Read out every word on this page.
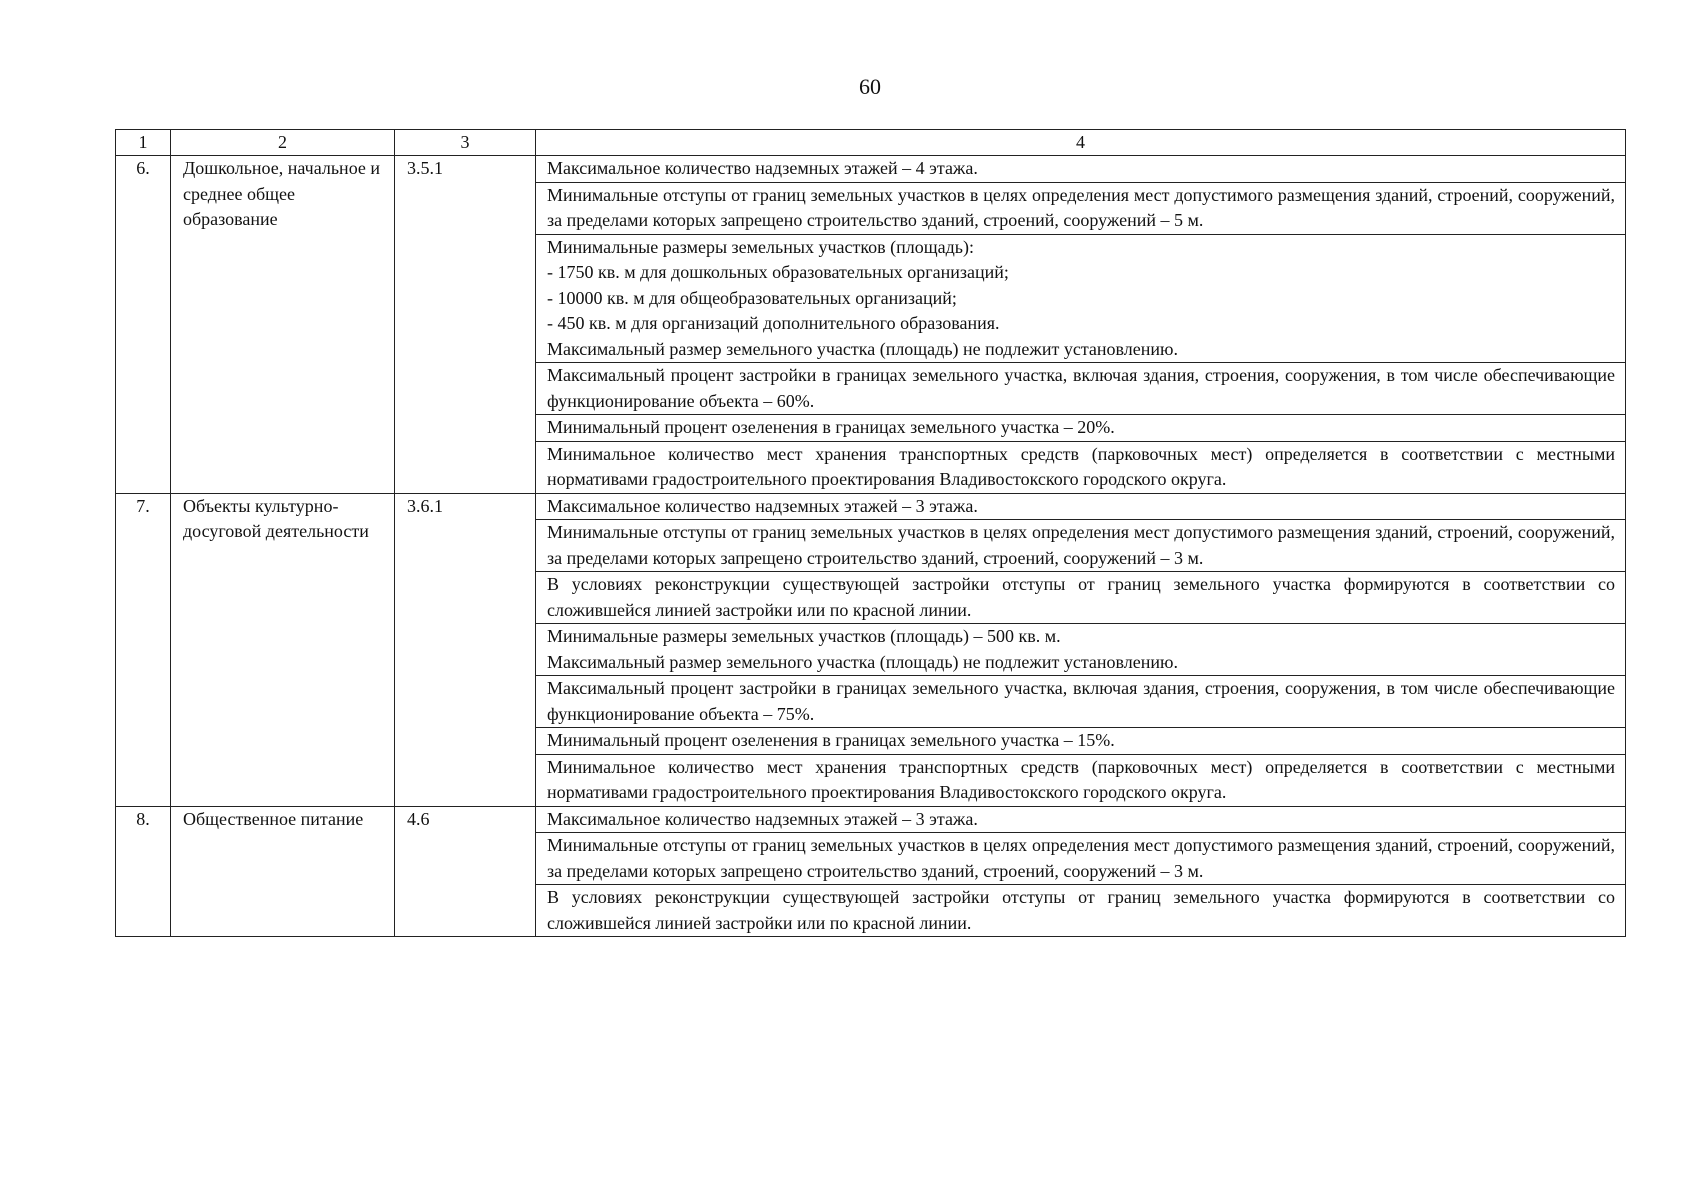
60
1	2	3	4
6.	Дошкольное, начальное и среднее общее образование	3.5.1	Максимальное количество надземных этажей – 4 этажа.

			Минимальные отступы от границ земельных участков в целях определения мест допустимого размещения зданий, строений, сооружений, за пределами которых запрещено строительство зданий, строений, сооружений – 5 м.

			Минимальные размеры земельных участков (площадь):
- 1750 кв. м для дошкольных образовательных организаций;
- 10000 кв. м для общеобразовательных организаций;
- 450 кв. м для организаций дополнительного образования.
Максимальный размер земельного участка (площадь) не подлежит установлению.

			Максимальный процент застройки в границах земельного участка, включая здания, строения, сооружения, в том числе обеспечивающие функционирование объекта – 60%.

			Минимальный процент озеленения в границах земельного участка – 20%.

			Минимальное количество мест хранения транспортных средств (парковочных мест) определяется в соответствии с местными нормативами градостроительного проектирования Владивостокского городского округа.

7.	Объекты культурно-досуговой деятельности	3.6.1	Максимальное количество надземных этажей – 3 этажа.

			Минимальные отступы от границ земельных участков в целях определения мест допустимого размещения зданий, строений, сооружений, за пределами которых запрещено строительство зданий, строений, сооружений – 3 м.

			В условиях реконструкции существующей застройки отступы от границ земельного участка формируются в соответствии со сложившейся линией застройки или по красной линии.

			Минимальные размеры земельных участков (площадь) – 500 кв. м.
Максимальный размер земельного участка (площадь) не подлежит установлению.

			Максимальный процент застройки в границах земельного участка, включая здания, строения, сооружения, в том числе обеспечивающие функционирование объекта – 75%.

			Минимальный процент озеленения в границах земельного участка – 15%.

			Минимальное количество мест хранения транспортных средств (парковочных мест) определяется в соответствии с местными нормативами градостроительного проектирования Владивостокского городского округа.

8.	Общественное питание	4.6	Максимальное количество надземных этажей – 3 этажа.

			Минимальные отступы от границ земельных участков в целях определения мест допустимого размещения зданий, строений, сооружений, за пределами которых запрещено строительство зданий, строений, сооружений – 3 м.

			В условиях реконструкции существующей застройки отступы от границ земельного участка формируются в соответствии со сложившейся линией застройки или по красной линии.
